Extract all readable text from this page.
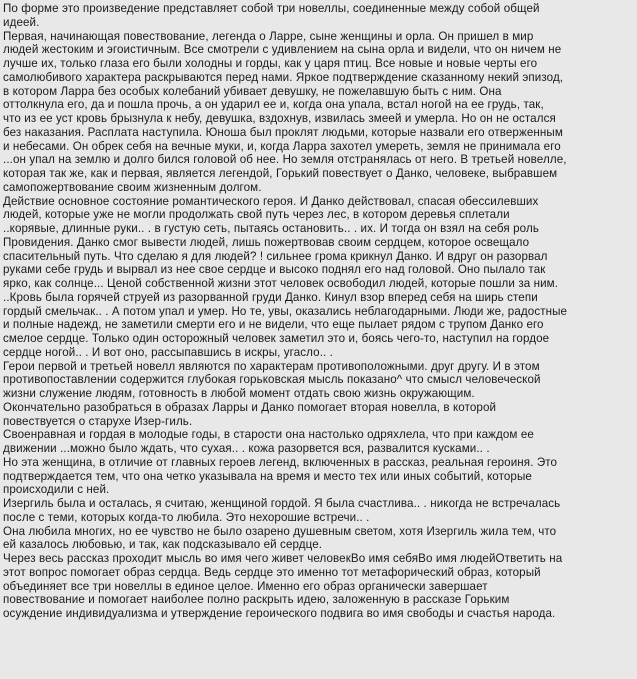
По форме это произведение представляет собой три новеллы, соединенные между собой общей
идеей.
Первая, начинающая повествование, легенда о Ларре, сыне женщины и орла. Он пришел в мир
людей жестоким и эгоистичным. Все смотрели с удивлением на сына орла и видели, что он ничем не
лучше их, только глаза его были холодны и горды, как у царя птиц. Все новые и новые черты его
самолюбивого характера раскрываются перед нами. Яркое подтверждение сказанному некий эпизод,
в котором Ларра без особых колебаний убивает девушку, не пожелавшую быть с ним. Она
оттолкнула его, да и пошла прочь, а он ударил ее и, когда она упала, встал ногой на ее грудь, так,
что из ее уст кровь брызнула к небу, девушка, вздохнув, извилась змеей и умерла. Но он не остался
без наказания. Расплата наступила. Юноша был проклят людьми, которые назвали его отверженным
и небесами. Он обрек себя на вечные муки, и, когда Ларра захотел умереть, земля не принимала его
...он упал на землю и долго бился головой об нее. Но земля отстранялась от него. В третьей новелле,
которая так же, как и первая, является легендой, Горький повествует о Данко, человеке, выбравшем
самопожертвование своим жизненным долгом.
Действие основное состояние романтического героя. И Данко действовал, спасая обессилевших
людей, которые уже не могли продолжать свой путь через лес, в котором деревья сплетали
..корявые, длинные руки.. . в густую сеть, пытаясь остановить.. . их. И тогда он взял на себя роль
Провидения. Данко смог вывести людей, лишь пожертвовав своим сердцем, которое освещало
спасительный путь. Что сделаю я для людей? ! сильнее грома крикнул Данко. И вдруг он разорвал
руками себе грудь и вырвал из нее свое сердце и высоко поднял его над головой. Оно пылало так
ярко, как солнце... Ценой собственной жизни этот человек освободил людей, которые пошли за ним.
..Кровь была горячей струей из разорванной груди Данко. Кинул взор вперед себя на ширь степи
гордый смельчак.. . А потом упал и умер. Но те, увы, оказались неблагодарными. Люди же, радостные
и полные надежд, не заметили смерти его и не видели, что еще пылает рядом с трупом Данко его
смелое сердце. Только один осторожный человек заметил это и, боясь чего-то, наступил на гордое
сердце ногой.. . И вот оно, рассыпавшись в искры, угасло.. .
Герои первой и третьей новелл являются по характерам противоположными. друг другу. И в этом
противопоставлении содержится глубокая горьковская мысль показано^ что смысл человеческой
жизни служение людям, готовность в любой момент отдать свою жизнь окружающим.
Окончательно разобраться в образах Ларры и Данко помогает вторая новелла, в которой
повествуется о старухе Изер-гиль.
Своенравная и гордая в молодые годы, в старости она настолько одряхлела, что при каждом ее
движении ...можно было ждать, что сухая.. . кожа разорвется вся, развалится кусками.. .
Но эта женщина, в отличие от главных героев легенд, включенных в рассказ, реальная героиня. Это
подтверждается тем, что она четко указывала на время и место тех или иных событий, которые
происходили с ней.
Изергиль была и осталась, я считаю, женщиной гордой. Я была счастлива.. . никогда не встречалась
после с теми, которых когда-то любила. Это нехорошие встречи.. .
Она любила многих, но ее чувство не было озарено душевным светом, хотя Изергиль жила тем, что
ей казалось любовью, и так, как подсказывало ей сердце.
Через весь рассказ проходит мысль во имя чего живет человекВо имя себяВо имя людейОтветить на
этот вопрос помогает образ сердца. Ведь сердце это именно тот метафорический образ, который
объединяет все три новеллы в единое целое. Именно его образ органически завершает
повествование и помогает наиболее полно раскрыть идею, заложенную в рассказе Горьким
осуждение индивидуализма и утверждение героического подвига во имя свободы и счастья народа.
